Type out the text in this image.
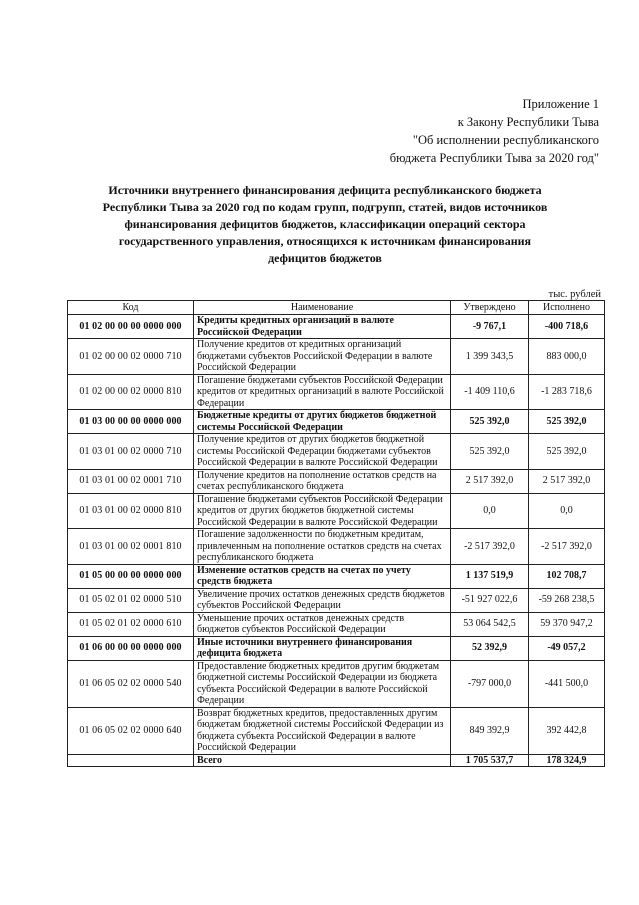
Приложение 1
к Закону Республики Тыва
"Об исполнении республиканского
бюджета Республики Тыва за 2020 год"
Источники внутреннего финансирования дефицита республиканского бюджета
Республики Тыва за 2020 год по кодам групп, подгрупп, статей, видов источников
финансирования дефицитов бюджетов, классификации операций сектора
государственного управления, относящихся к источникам финансирования
дефицитов бюджетов
тыс. рублей
Код	Наименование	Утверждено	Исполнено
01 02 00 00 00 0000 000	Кредиты кредитных организаций в валюте Российской Федерации	-9 767,1	-400 718,6
01 02 00 00 02 0000 710	Получение кредитов от кредитных организаций бюджетами субъектов Российской Федерации в валюте Российской Федерации	1 399 343,5	883 000,0
01 02 00 00 02 0000 810	Погашение бюджетами субъектов Российской Федерации кредитов от кредитных организаций в валюте Российской Федерации	-1 409 110,6	-1 283 718,6
01 03 00 00 00 0000 000	Бюджетные кредиты от других бюджетов бюджетной системы Российской Федерации	525 392,0	525 392,0
01 03 01 00 02 0000 710	Получение кредитов от других бюджетов бюджетной системы Российской Федерации бюджетами субъектов Российской Федерации в валюте Российской Федерации	525 392,0	525 392,0
01 03 01 00 02 0001 710	Получение кредитов на пополнение остатков средств на счетах республиканского бюджета	2 517 392,0	2 517 392,0
01 03 01 00 02 0000 810	Погашение бюджетами субъектов Российской Федерации кредитов от других бюджетов бюджетной системы Российской Федерации в валюте Российской Федерации	0,0	0,0
01 03 01 00 02 0001 810	Погашение задолженности по бюджетным кредитам, привлеченным на пополнение остатков средств на счетах республиканского бюджета	-2 517 392,0	-2 517 392,0
01 05 00 00 00 0000 000	Изменение остатков средств на счетах по учету средств бюджета	1 137 519,9	102 708,7
01 05 02 01 02 0000 510	Увеличение прочих остатков денежных средств бюджетов субъектов Российской Федерации	-51 927 022,6	-59 268 238,5
01 05 02 01 02 0000 610	Уменьшение прочих остатков денежных средств бюджетов субъектов Российской Федерации	53 064 542,5	59 370 947,2
01 06 00 00 00 0000 000	Иные источники внутреннего финансирования дефицита бюджета	52 392,9	-49 057,2
01 06 05 02 02 0000 540	Предоставление бюджетных кредитов другим бюджетам бюджетной системы Российской Федерации из бюджета субъекта Российской Федерации в валюте Российской Федерации	-797 000,0	-441 500,0
01 06 05 02 02 0000 640	Возврат бюджетных кредитов, предоставленных другим бюджетам бюджетной системы Российской Федерации из бюджета субъекта Российской Федерации в валюте Российской Федерации	849 392,9	392 442,8
	Всего	1 705 537,7	178 324,9
